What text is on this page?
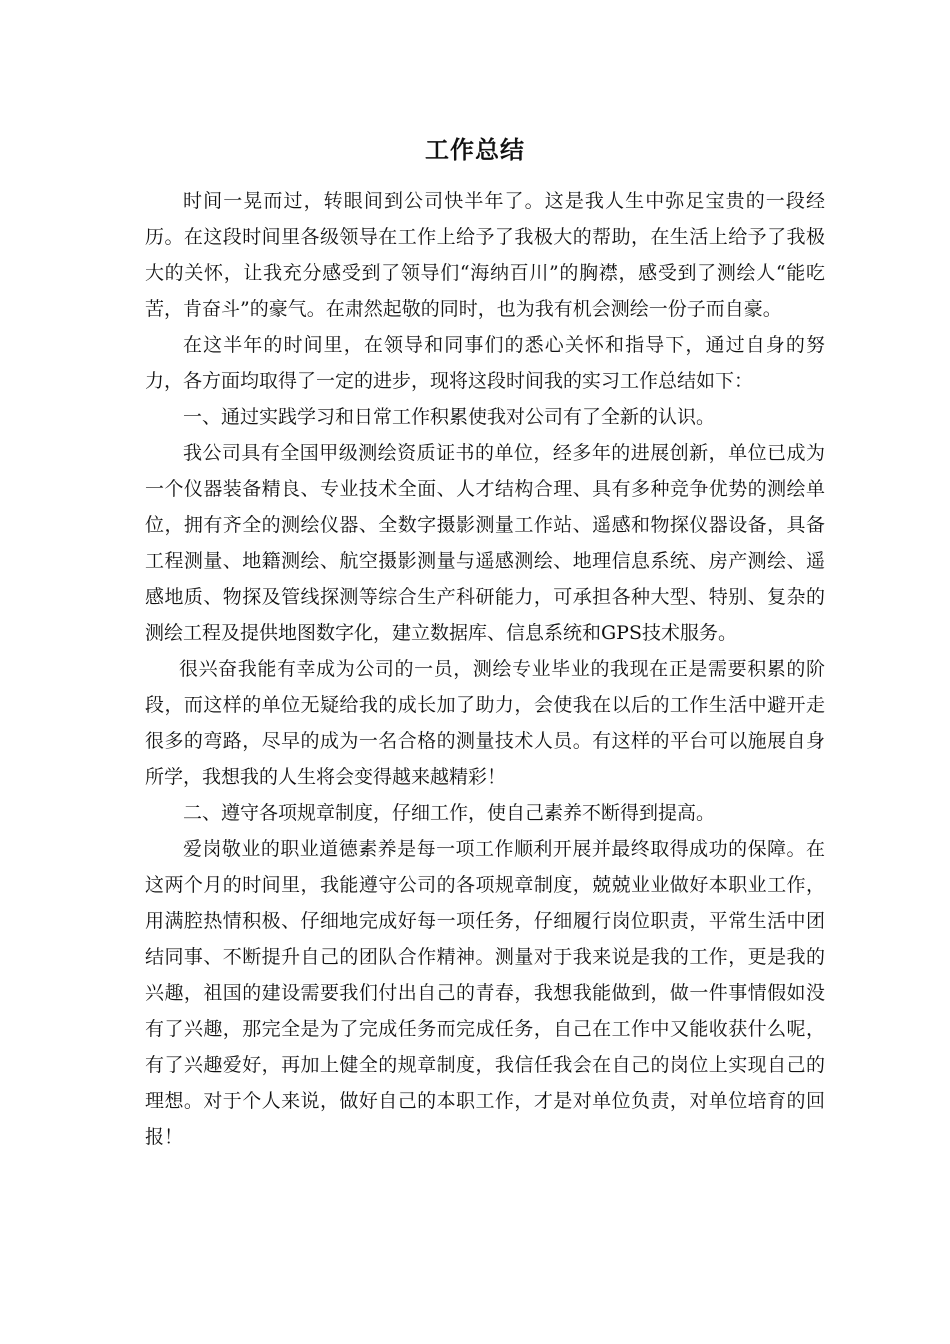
工作总结

时间一晃而过，转眼间到公司快半年了。这是我人生中弥足宝贵的一段经历。在这段时间里各级领导在工作上给予了我极大的帮助，在生活上给予了我极大的关怀，让我充分感受到了领导们“海纳百川”的胸襟，感受到了测绘人“能吃苦，肯奋斗”的豪气。在肃然起敬的同时，也为我有机会测绘一份子而自豪。

在这半年的时间里，在领导和同事们的悉心关怀和指导下，通过自身的努力，各方面均取得了一定的进步，现将这段时间我的实习工作总结如下：

一、通过实践学习和日常工作积累使我对公司有了全新的认识。

我公司具有全国甲级测绘资质证书的单位，经多年的进展创新，单位已成为一个仪器装备精良、专业技术全面、人才结构合理、具有多种竞争优势的测绘单位，拥有齐全的测绘仪器、全数字摄影测量工作站、遥感和物探仪器设备，具备工程测量、地籍测绘、航空摄影测量与遥感测绘、地理信息系统、房产测绘、遥感地质、物探及管线探测等综合生产科研能力，可承担各种大型、特别、复杂的测绘工程及提供地图数字化，建立数据库、信息系统和GPS技术服务。

很兴奋我能有幸成为公司的一员，测绘专业毕业的我现在正是需要积累的阶段，而这样的单位无疑给我的成长加了助力，会使我在以后的工作生活中避开走很多的弯路，尽早的成为一名合格的测量技术人员。有这样的平台可以施展自身所学，我想我的人生将会变得越来越精彩！

二、遵守各项规章制度，仔细工作，使自己素养不断得到提高。

爱岗敬业的职业道德素养是每一项工作顺利开展并最终取得成功的保障。在这两个月的时间里，我能遵守公司的各项规章制度，兢兢业业做好本职业工作，用满腔热情积极、仔细地完成好每一项任务，仔细履行岗位职责，平常生活中团结同事、不断提升自己的团队合作精神。测量对于我来说是我的工作，更是我的兴趣，祖国的建设需要我们付出自己的青春，我想我能做到，做一件事情假如没有了兴趣，那完全是为了完成任务而完成任务，自己在工作中又能收获什么呢，有了兴趣爱好，再加上健全的规章制度，我信任我会在自己的岗位上实现自己的理想。对于个人来说，做好自己的本职工作，才是对单位负责，对单位培育的回报！
